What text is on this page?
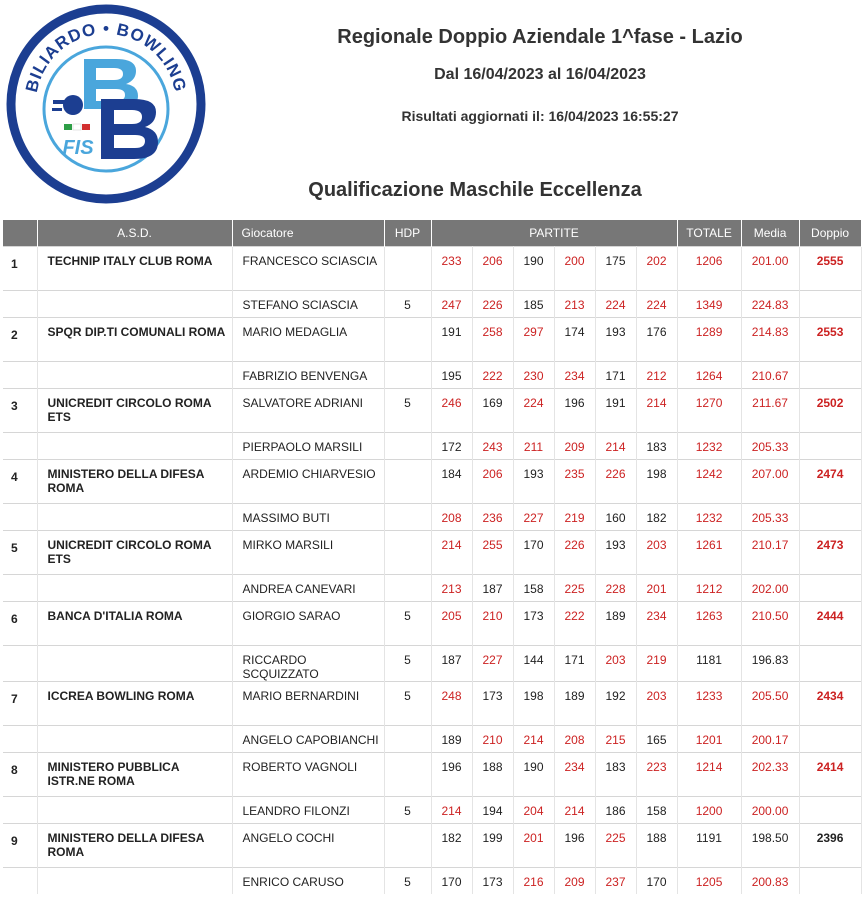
BILIARDO • BOWLING
FIS
Regionale Doppio Aziendale 1^fase - Lazio
Dal 16/04/2023 al 16/04/2023
Risultati aggiornati il: 16/04/2023 16:55:27
Qualificazione Maschile Eccellenza
	A.S.D.	Giocatore	HDP	PARTITE						TOTALE	Media	Doppio
1	TECHNIP ITALY CLUB ROMA	FRANCESCO SCIASCIA		233	206	190	200	175	202	1206	201.00	2555

		STEFANO SCIASCIA	5	247	226	185	213	224	224	1349	224.83	

2	SPQR DIP.TI COMUNALI ROMA	MARIO MEDAGLIA		191	258	297	174	193	176	1289	214.83	2553

		FABRIZIO BENVENGA		195	222	230	234	171	212	1264	210.67	

3	UNICREDIT CIRCOLO ROMA ETS	SALVATORE ADRIANI	5	246	169	224	196	191	214	1270	211.67	2502

		PIERPAOLO MARSILI		172	243	211	209	214	183	1232	205.33	

4	MINISTERO DELLA DIFESA ROMA	ARDEMIO CHIARVESIO		184	206	193	235	226	198	1242	207.00	2474

		MASSIMO BUTI		208	236	227	219	160	182	1232	205.33	

5	UNICREDIT CIRCOLO ROMA ETS	MIRKO MARSILI		214	255	170	226	193	203	1261	210.17	2473

		ANDREA CANEVARI		213	187	158	225	228	201	1212	202.00	

6	BANCA D'ITALIA ROMA	GIORGIO SARAO	5	205	210	173	222	189	234	1263	210.50	2444

		RICCARDO SCQUIZZATO	5	187	227	144	171	203	219	1181	196.83	

7	ICCREA BOWLING ROMA	MARIO BERNARDINI	5	248	173	198	189	192	203	1233	205.50	2434

		ANGELO CAPOBIANCHI		189	210	214	208	215	165	1201	200.17	

8	MINISTERO PUBBLICA ISTR.NE ROMA	ROBERTO VAGNOLI		196	188	190	234	183	223	1214	202.33	2414

		LEANDRO FILONZI	5	214	194	204	214	186	158	1200	200.00	

9	MINISTERO DELLA DIFESA ROMA	ANGELO COCHI		182	199	201	196	225	188	1191	198.50	2396

		ENRICO CARUSO	5	170	173	216	209	237	170	1205	200.83	
